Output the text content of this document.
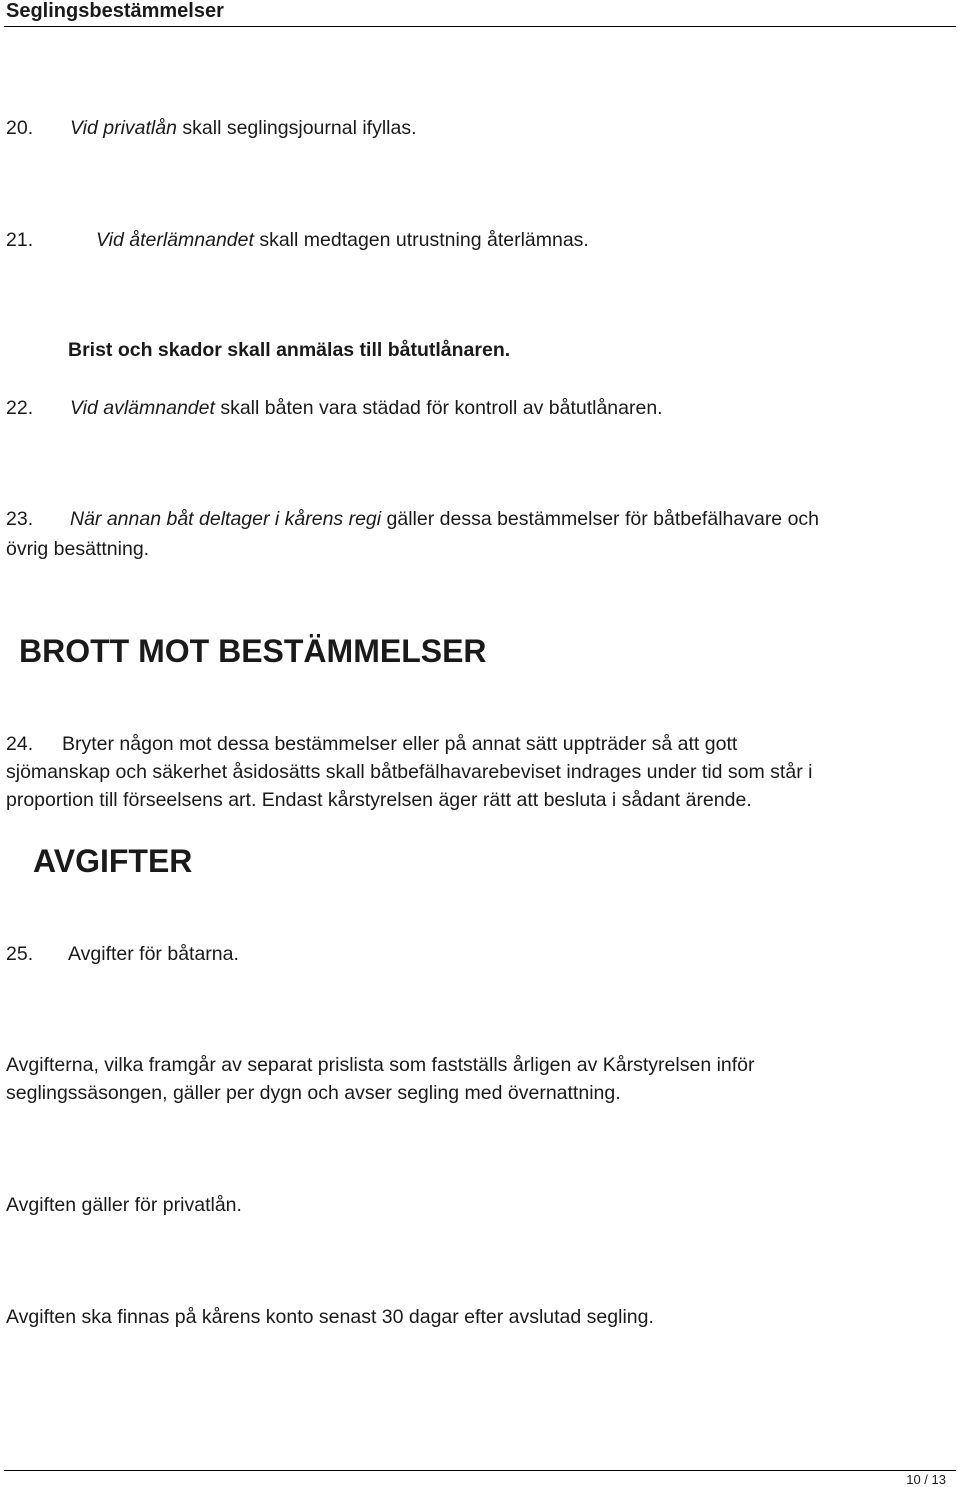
Seglingsbestämmelser
20. Vid privatlån skall seglingsjournal ifyllas.
21.	Vid återlämnandet skall medtagen utrustning återlämnas.
Brist och skador skall anmälas till båtutlånaren.
22. Vid avlämnandet skall båten vara städad för kontroll av båtutlånaren.
23. När annan båt deltager i kårens regi gäller dessa bestämmelser för båtbefälhavare och
övrig besättning.
BROTT MOT BESTÄMMELSER
24. Bryter någon mot dessa bestämmelser eller på annat sätt uppträder så att gott
sjömanskap och säkerhet åsidosätts skall båtbefälhavarebeviset indrages under tid som står i
proportion till förseelsens art. Endast kårstyrelsen äger rätt att besluta i sådant ärende.
AVGIFTER
25. Avgifter för båtarna.
Avgifterna, vilka framgår av separat prislista som fastställs årligen av Kårstyrelsen inför
seglingssäsongen, gäller per dygn och avser segling med övernattning.
Avgiften gäller för privatlån.
Avgiften ska finnas på kårens konto senast 30 dagar efter avslutad segling.
10 / 13
